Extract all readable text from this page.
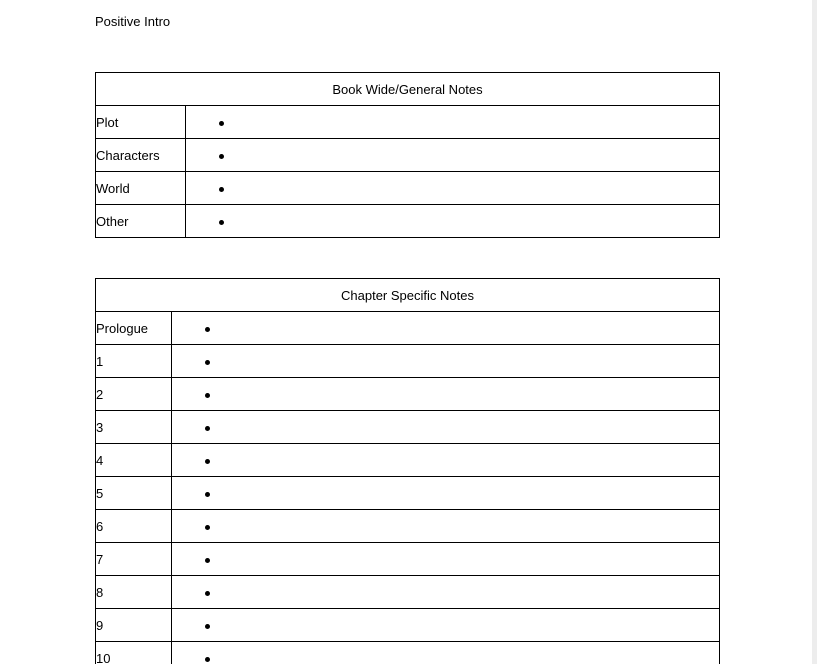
Positive Intro

Book Wide/General Notes	
Plot	
Characters	
World	
Other	
Chapter Specific Notes	
Prologue	
1	
2	
3	
4	
5	
6	
7	
8	
9	
10	
